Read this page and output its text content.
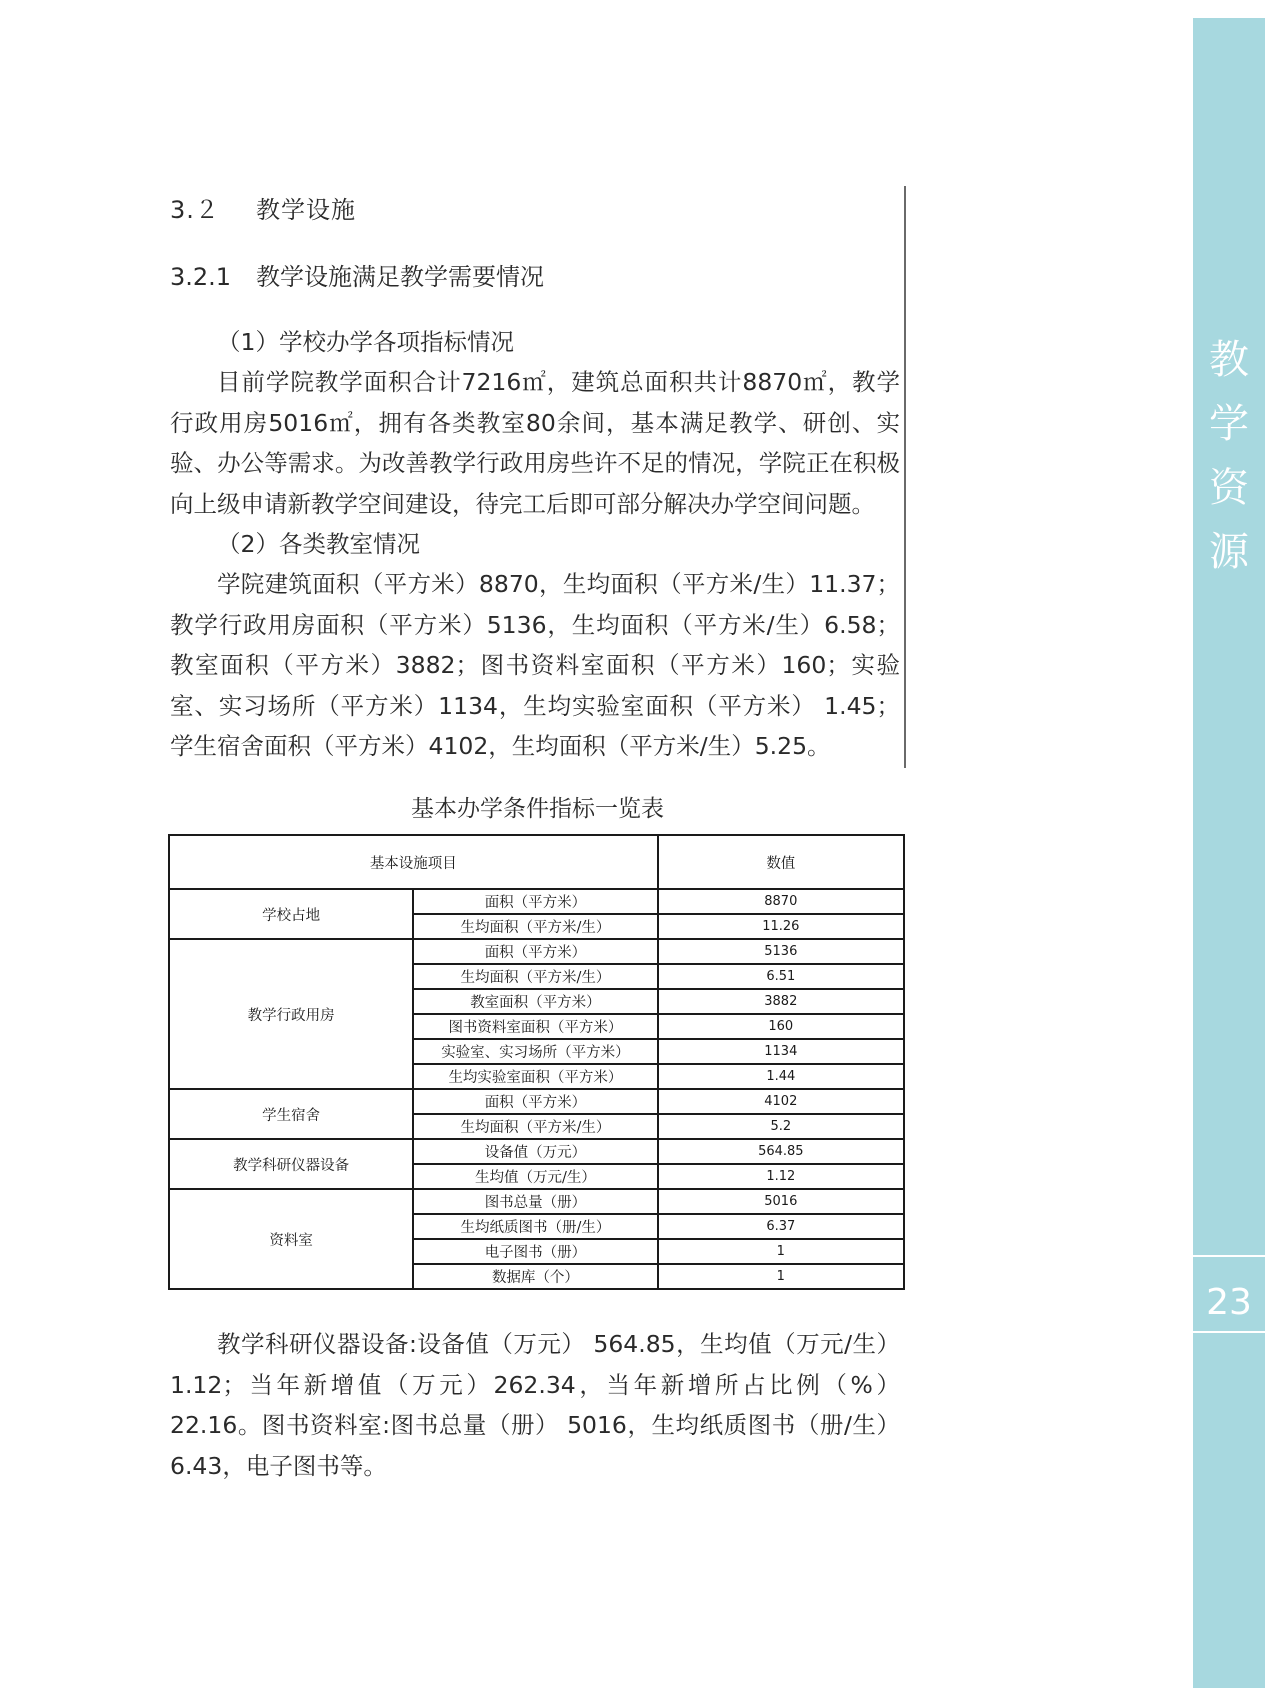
教
学
资
源
23
3.２ 教学设施
3.2.1 教学设施满足教学需要情况

（1）学校办学各项指标情况

目前学院教学面积合计7216㎡，建筑总面积共计8870㎡，教学行政用房5016㎡，拥有各类教室80余间，基本满足教学、研创、实验、办公等需求。为改善教学行政用房些许不足的情况，学院正在积极向上级申请新教学空间建设，待完工后即可部分解决办学空间问题。

（2）各类教室情况

学院建筑面积（平方米）8870，生均面积（平方米/生）11.37；教学行政用房面积（平方米）5136，生均面积（平方米/生）6.58；教室面积（平方米）3882；图书资料室面积（平方米）160；实验室、实习场所（平方米）1134，生均实验室面积（平方米） 1.45；学生宿舍面积（平方米）4102，生均面积（平方米/生）5.25。

基本办学条件指标一览表
基本设施项目		数值
学校占地	面积（平方米）	8870
	生均面积（平方米/生）	11.26
教学行政用房	面积（平方米）	5136
	生均面积（平方米/生）	6.51
	教室面积（平方米）	3882
	图书资料室面积（平方米）	160
	实验室、实习场所（平方米）	1134
	生均实验室面积（平方米）	1.44
学生宿舍	面积（平方米）	4102
	生均面积（平方米/生）	5.2
教学科研仪器设备	设备值（万元）	564.85
	生均值（万元/生）	1.12
资料室	图书总量（册）	5016
	生均纸质图书（册/生）	6.37
	电子图书（册）	1
	数据库（个）	1

教学科研仪器设备:设备值（万元） 564.85，生均值（万元/生）1.12；当年新增值（万元）262.34，当年新增所占比例（%）22.16。图书资料室:图书总量（册） 5016，生均纸质图书（册/生）6.43，电子图书等。
